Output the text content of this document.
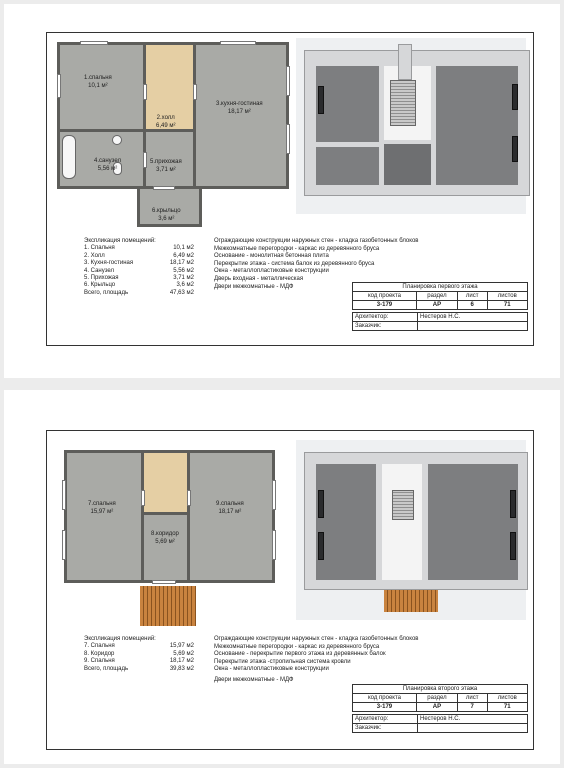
1.спальня
10,1 м²
2.холл
6,49 м²
3.кухня-гостиная
18,17 м²
4.санузел
5,56 м²
5.прихожая
3,71 м²
6.крыльцо
3,6 м²
Экспликация помещений:
1. Спальня	10,1 м2
2. Холл	6,49 м2
3. Кухня-гостиная	18,17 м2
4. Санузел	5,56 м2
5. Прихожая	3,71 м2
6. Крыльцо	3,6 м2
Всего, площадь	47,63 м2
Ограждающие конструкции наружных стен - кладка газобетонных блоков
Межкомнатные перегородки - каркас из деревянного бруса
Основание - монолитная бетонная плита
Перекрытие этажа - система балок из деревянного бруса
Окна - металлопластиковые конструкции
Дверь входная - металлическая
Двери межкомнатные - МДФ	Планировка первого этажа			
код проекта	раздел	лист	листов
3-179	АР	6	71
Архитектор:	Нестеров Н.С.
Заказчик:	
7.спальня
15,97 м²
8.коридор
5,69 м²
9.спальня
18,17 м²
Экспликация помещений:
7. Спальня	15,97 м2
8. Коридор	5,69 м2
9. Спальня	18,17 м2
Всего, площадь	39,83 м2
Ограждающие конструкции наружных стен - кладка газобетонных блоков
Межкомнатные перегородки - каркас из деревянного бруса
Основание - перекрытие первого этажа из деревянных балок
Перекрытие этажа -стропильная система кровли
Окна - металлопластиковые конструкции
Двери межкомнатные - МДФ
Планировка второго этажа			
код проекта	раздел	лист	листов
3-179	АР	7	71
Архитектор:	Нестеров Н.С.
Заказчик:	
